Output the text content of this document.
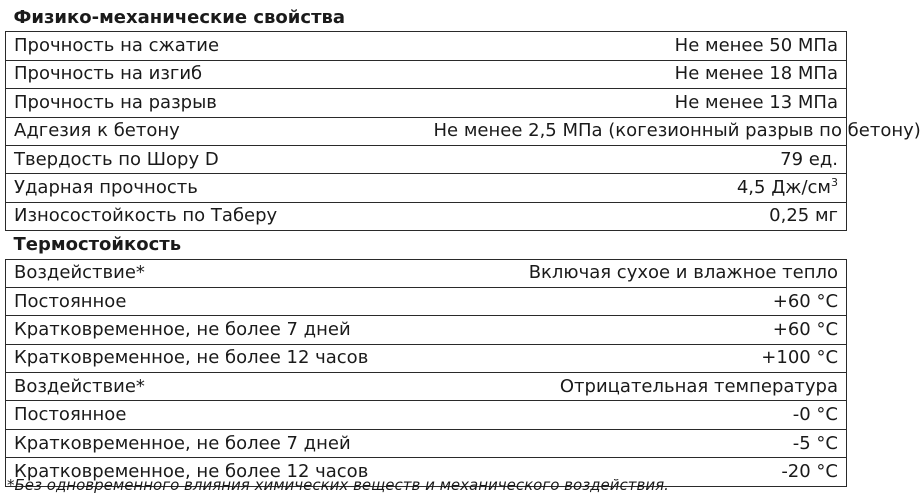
Физико-механические свойства	
Прочность на сжатие	Не менее 50 МПа
Прочность на изгиб	Не менее 18 МПа
Прочность на разрыв	Не менее 13 МПа
Адгезия к бетону	Не менее 2,5 МПа (когезионный разрыв по бетону)
Твердость по Шору D	79 ед.
Ударная прочность	4,5 $Дж/см^3$
Износостойкость по Таберу	0,25 мг
Термостойкость	
Воздействие*	Включая сухое и влажное тепло
Постоянное	+60 °C
Кратковременное, не более 7 дней	+60 °C
Кратковременное, не более 12 часов	+100 °C
Воздействие*	Отрицательная температура
Постоянное	-0 °C
Кратковременное, не более 7 дней	-5 °C
Кратковременное, не более 12 часов	-20 °C
*Без одновременного влияния химических веществ и механического воздействия.
